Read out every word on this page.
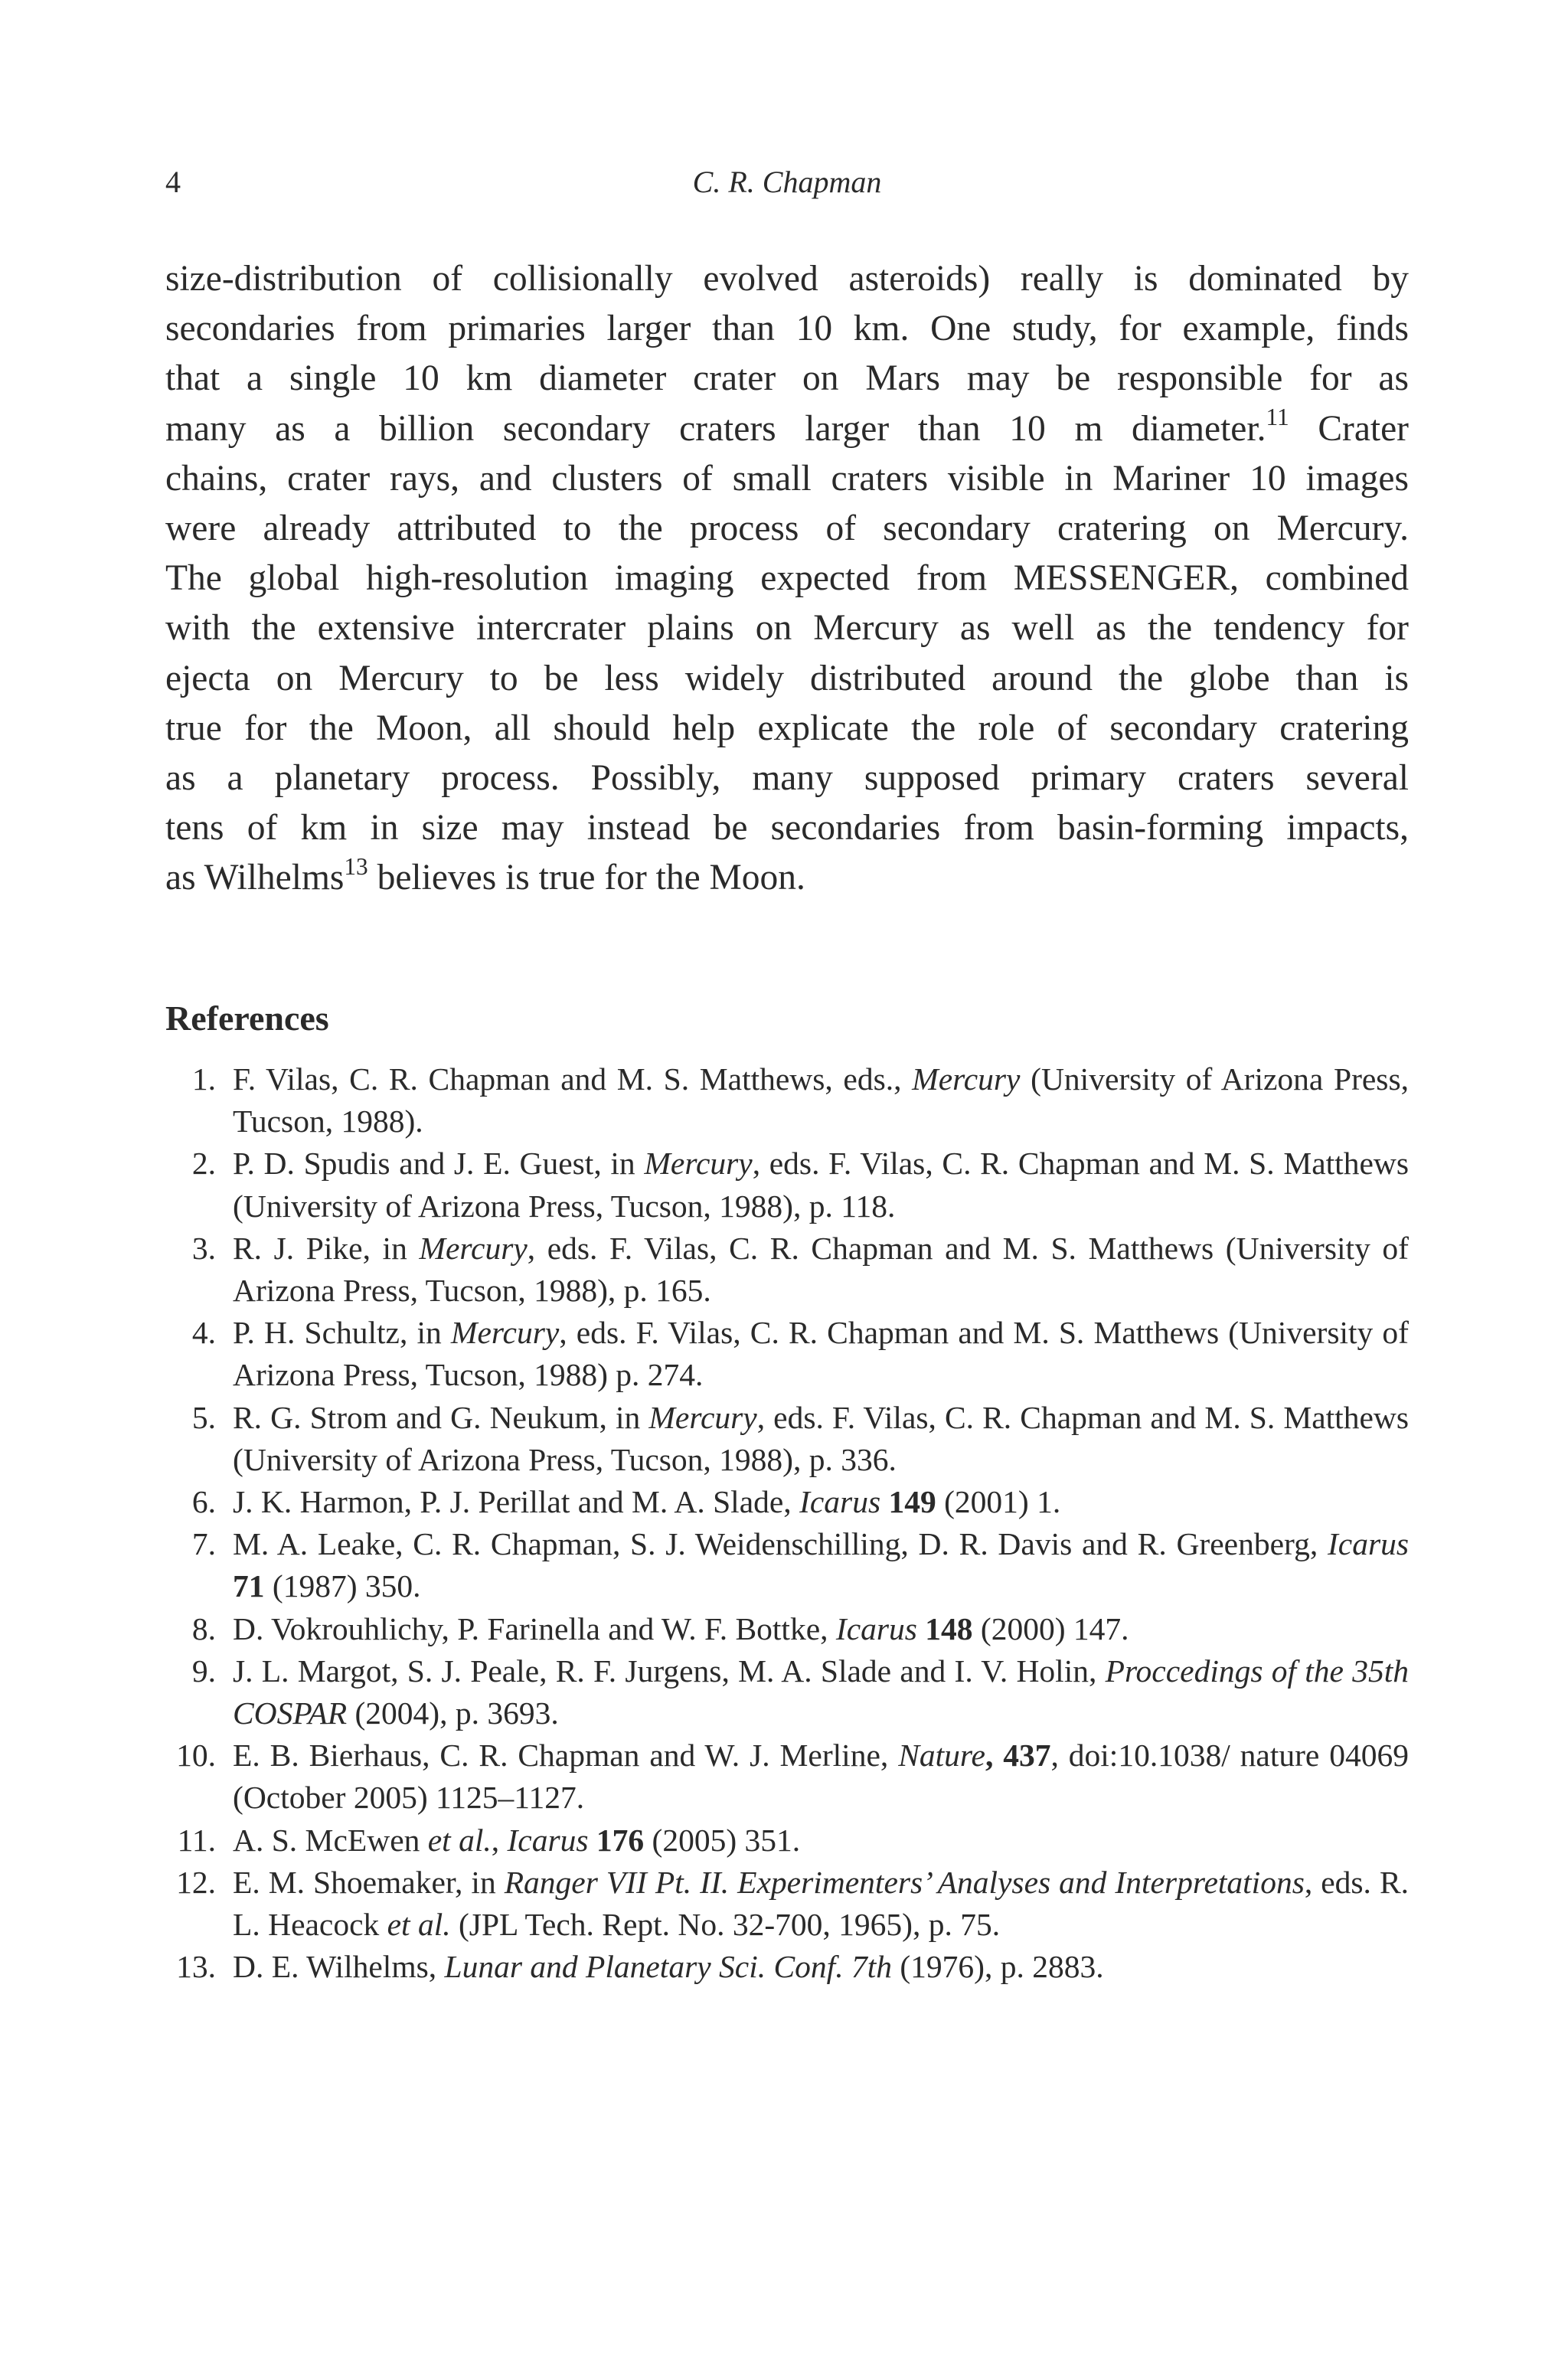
4	C. R. Chapman
size-distribution of collisionally evolved asteroids) really is dominated by
secondaries from primaries larger than 10 km. One study, for example, finds
that a single 10 km diameter crater on Mars may be responsible for as
many as a billion secondary craters larger than 10 m diameter.$^{11}$ Crater
chains, crater rays, and clusters of small craters visible in Mariner 10 images
were already attributed to the process of secondary cratering on Mercury.
The global high-resolution imaging expected from MESSENGER, combined
with the extensive intercrater plains on Mercury as well as the tendency for
ejecta on Mercury to be less widely distributed around the globe than is
true for the Moon, all should help explicate the role of secondary cratering
as a planetary process. Possibly, many supposed primary craters several
tens of km in size may instead be secondaries from basin-forming impacts,
as Wilhelms$^{13}$ believes is true for the Moon.
References
1. F. Vilas, C. R. Chapman and M. S. Matthews, eds., Mercury (University of Arizona Press, Tucson, 1988).
2. P. D. Spudis and J. E. Guest, in Mercury, eds. F. Vilas, C. R. Chapman and M. S. Matthews (University of Arizona Press, Tucson, 1988), p. 118.
3. R. J. Pike, in Mercury, eds. F. Vilas, C. R. Chapman and M. S. Matthews (University of Arizona Press, Tucson, 1988), p. 165.
4. P. H. Schultz, in Mercury, eds. F. Vilas, C. R. Chapman and M. S. Matthews (University of Arizona Press, Tucson, 1988) p. 274.
5. R. G. Strom and G. Neukum, in Mercury, eds. F. Vilas, C. R. Chapman and M. S. Matthews (University of Arizona Press, Tucson, 1988), p. 336.
6. J. K. Harmon, P. J. Perillat and M. A. Slade, Icarus 149 (2001) 1.
7. M. A. Leake, C. R. Chapman, S. J. Weidenschilling, D. R. Davis and R. Greenberg, Icarus 71 (1987) 350.
8. D. Vokrouhlichy, P. Farinella and W. F. Bottke, Icarus 148 (2000) 147.
9. J. L. Margot, S. J. Peale, R. F. Jurgens, M. A. Slade and I. V. Holin, Proccedings of the 35th COSPAR (2004), p. 3693.
10. E. B. Bierhaus, C. R. Chapman and W. J. Merline, Nature, 437, doi:10.1038/ nature 04069 (October 2005) 1125–1127.
11. A. S. McEwen et al., Icarus 176 (2005) 351.
12. E. M. Shoemaker, in Ranger VII Pt. II. Experimenters’ Analyses and Interpretations, eds. R. L. Heacock et al. (JPL Tech. Rept. No. 32-700, 1965), p. 75.
13. D. E. Wilhelms, Lunar and Planetary Sci. Conf. 7th (1976), p. 2883.
